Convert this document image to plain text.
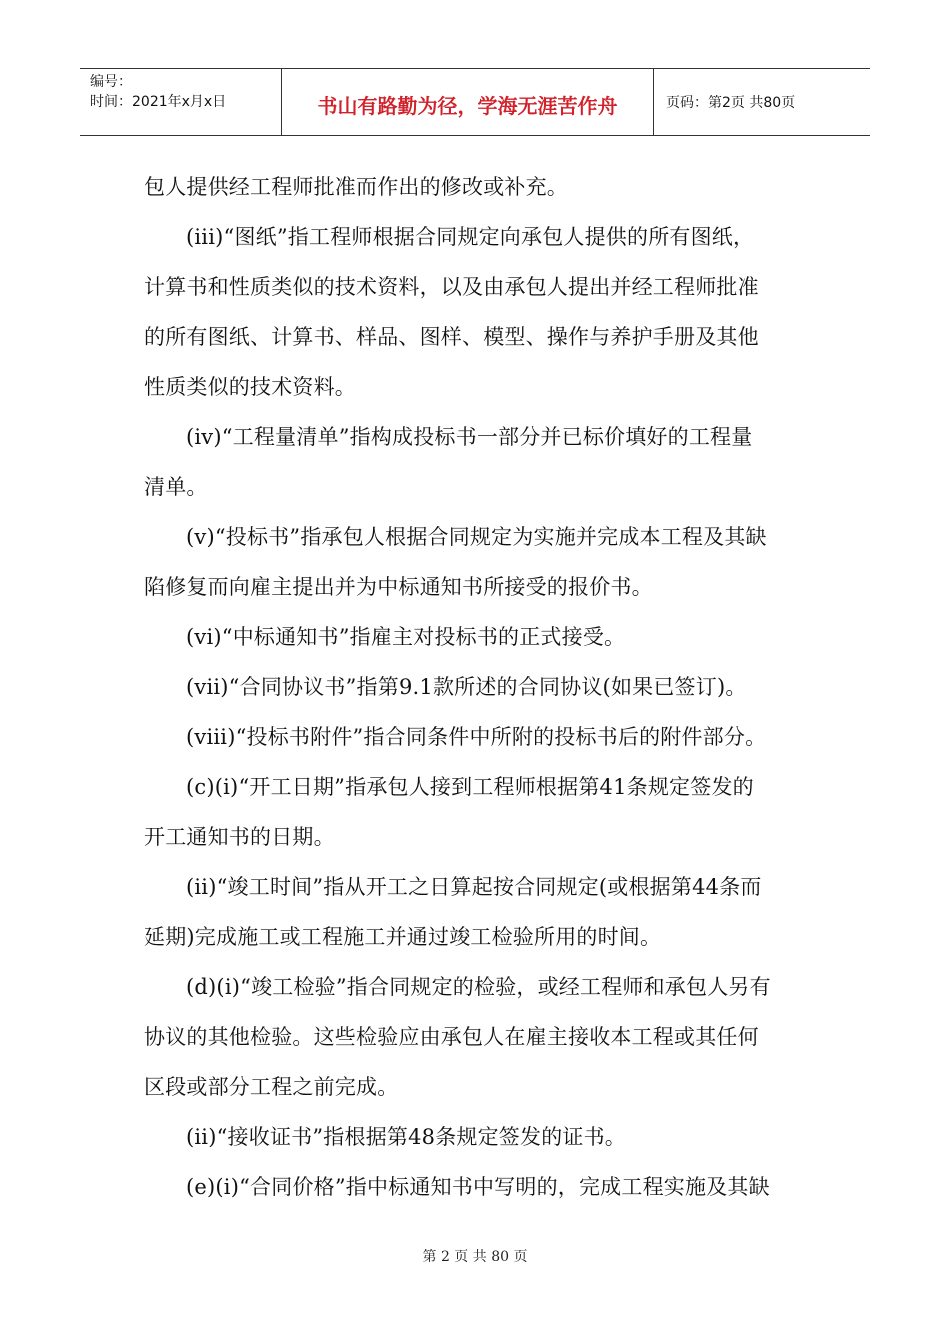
编号：
时间：2021年x月x日	书山有路勤为径，学海无涯苦作舟	页码：第2页 共80页

包人提供经工程师批准而作出的修改或补充。

(iii)“图纸”指工程师根据合同规定向承包人提供的所有图纸，

计算书和性质类似的技术资料，以及由承包人提出并经工程师批准

的所有图纸、计算书、样品、图样、模型、操作与养护手册及其他

性质类似的技术资料。

(iv)“工程量清单”指构成投标书一部分并已标价填好的工程量

清单。

(v)“投标书”指承包人根据合同规定为实施并完成本工程及其缺

陷修复而向雇主提出并为中标通知书所接受的报价书。

(vi)“中标通知书”指雇主对投标书的正式接受。

(vii)“合同协议书”指第9.1款所述的合同协议(如果已签订)。

(viii)“投标书附件”指合同条件中所附的投标书后的附件部分。

(c)(i)“开工日期”指承包人接到工程师根据第41条规定签发的

开工通知书的日期。

(ii)“竣工时间”指从开工之日算起按合同规定(或根据第44条而

延期)完成施工或工程施工并通过竣工检验所用的时间。

(d)(i)“竣工检验”指合同规定的检验，或经工程师和承包人另有

协议的其他检验。这些检验应由承包人在雇主接收本工程或其任何

区段或部分工程之前完成。

(ii)“接收证书”指根据第48条规定签发的证书。

(e)(i)“合同价格”指中标通知书中写明的，完成工程实施及其缺

第 2 页 共 80 页
